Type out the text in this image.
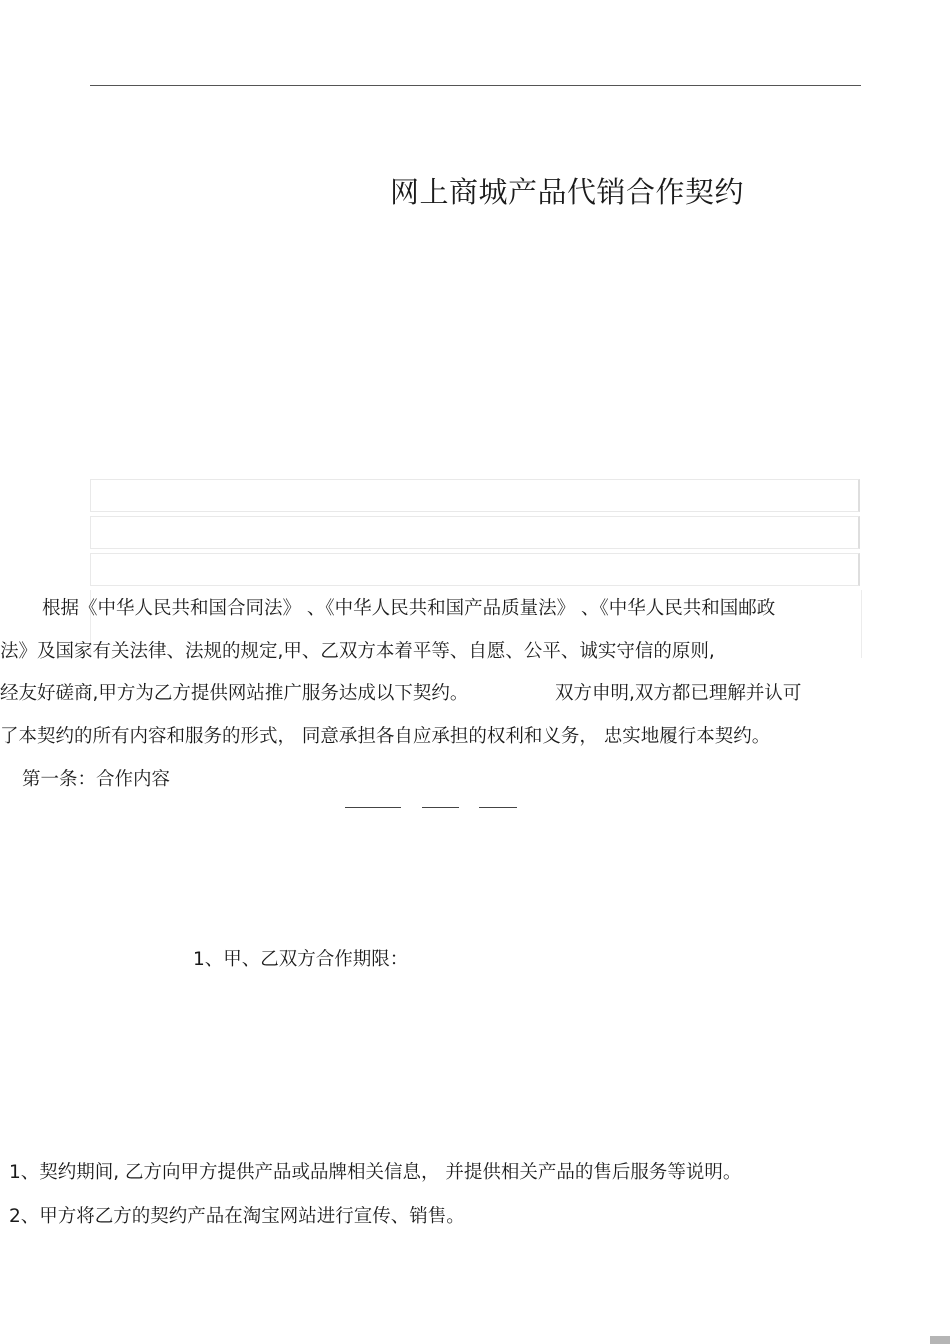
网上商城产品代销合作契约
根据《中华人民共和国合同法》 、《中华人民共和国产品质量法》 、《中华人民共和国邮政
法》及国家有关法律、法规的规定,甲、乙双方本着平等、自愿、公平、诚实守信的原则,
经友好磋商,甲方为乙方提供网站推广服务达成以下契约。	双方申明,双方都已理解并认可
了本契约的所有内容和服务的形式， 同意承担各自应承担的权利和义务， 忠实地履行本契约。
第一条：合作内容
1、甲、乙双方合作期限：
1、契约期间, 乙方向甲方提供产品或品牌相关信息， 并提供相关产品的售后服务等说明。
2、甲方将乙方的契约产品在淘宝网站进行宣传、销售。
